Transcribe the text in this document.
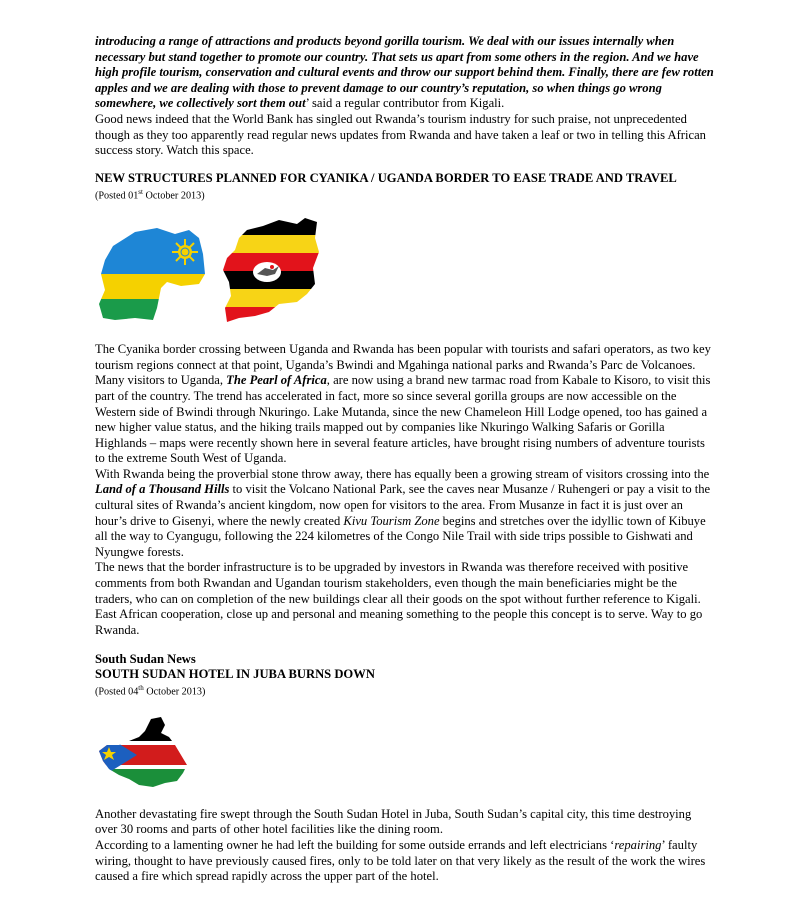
introducing a range of attractions and products beyond gorilla tourism. We deal with our issues internally when necessary but stand together to promote our country. That sets us apart from some others in the region. And we have high profile tourism, conservation and cultural events and throw our support behind them. Finally, there are few rotten apples and we are dealing with those to prevent damage to our country’s reputation, so when things go wrong somewhere, we collectively sort them out’ said a regular contributor from Kigali.

Good news indeed that the World Bank has singled out Rwanda’s tourism industry for such praise, not unprecedented though as they too apparently read regular news updates from Rwanda and have taken a leaf or two in telling this African success story. Watch this space.

NEW STRUCTURES PLANNED FOR CYANIKA / UGANDA BORDER TO EASE TRADE AND TRAVEL

(Posted 01st October 2013)

The Cyanika border crossing between Uganda and Rwanda has been popular with tourists and safari operators, as two key tourism regions connect at that point, Uganda’s Bwindi and Mgahinga national parks and Rwanda’s Parc de Volcanoes. Many visitors to Uganda, The Pearl of Africa, are now using a brand new tarmac road from Kabale to Kisoro, to visit this part of the country. The trend has accelerated in fact, more so since several gorilla groups are now accessible on the Western side of Bwindi through Nkuringo. Lake Mutanda, since the new Chameleon Hill Lodge opened, too has gained a new higher value status, and the hiking trails mapped out by companies like Nkuringo Walking Safaris or Gorilla Highlands – maps were recently shown here in several feature articles, have brought rising numbers of adventure tourists to the extreme South West of Uganda.

With Rwanda being the proverbial stone throw away, there has equally been a growing stream of visitors crossing into the Land of a Thousand Hills to visit the Volcano National Park, see the caves near Musanze / Ruhengeri or pay a visit to the cultural sites of Rwanda’s ancient kingdom, now open for visitors to the area. From Musanze in fact it is just over an hour’s drive to Gisenyi, where the newly created Kivu Tourism Zone begins and stretches over the idyllic town of Kibuye all the way to Cyangugu, following the 224 kilometres of the Congo Nile Trail with side trips possible to Gishwati and Nyungwe forests.

The news that the border infrastructure is to be upgraded by investors in Rwanda was therefore received with positive comments from both Rwandan and Ugandan tourism stakeholders, even though the main beneficiaries might be the traders, who can on completion of the new buildings clear all their goods on the spot without further reference to Kigali.

East African cooperation, close up and personal and meaning something to the people this concept is to serve. Way to go Rwanda.

South Sudan News

SOUTH SUDAN HOTEL IN JUBA BURNS DOWN

(Posted 04th October 2013)

Another devastating fire swept through the South Sudan Hotel in Juba, South Sudan’s capital city, this time destroying over 30 rooms and parts of other hotel facilities like the dining room.

According to a lamenting owner he had left the building for some outside errands and left electricians ‘repairing’ faulty wiring, thought to have previously caused fires, only to be told later on that very likely as the result of the work the wires caused a fire which spread rapidly across the upper part of the hotel.
